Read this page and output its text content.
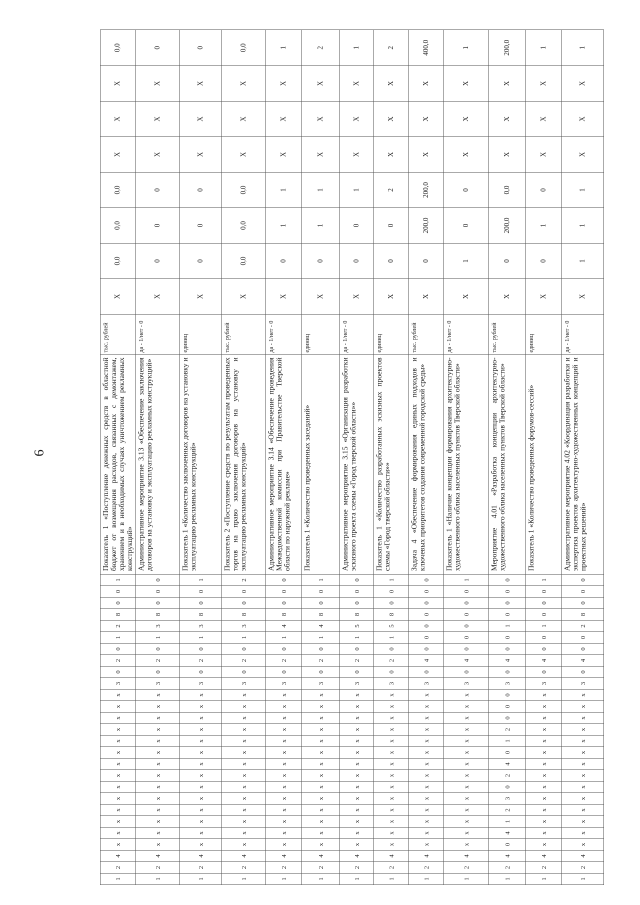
6
1	2	4	x	x	x	x	x	x	x	x	x	x	x	x	x	x	3	0	2	0	1	2	8	0	0	1	Показатель 1 «Поступление денежных средств в областной бюджет от возмещения расходов, связанных с демонтажем, хранением и в необходимых случаях уничтожением рекламных конструкций»	тыс. рублей	X	0,0	0,0	0,0	X	X	X	0,0
1	2	4	x	x	x	x	x	x	x	x	x	x	x	x	x	x	3	0	2	0	1	3	8	0	0	0	Административное мероприятие 3.13 «Обеспечение заключения договоров на установку и эксплуатацию рекламных конструкций»	да - 1/нет - 0	X	0	0	0	X	X	X	0
1	2	4	x	x	x	x	x	x	x	x	x	x	x	x	x	x	3	0	2	0	1	3	8	0	0	1	Показатель 1 «Количество заключенных договоров на установку и эксплуатацию рекламных конструкций»	единиц	X	0	0	0	X	X	X	0
1	2	4	x	x	x	x	x	x	x	x	x	x	x	x	x	x	3	0	2	0	1	3	8	0	0	2	Показатель 2 «Поступление средств по результатам проведенных торгов на право заключения договоров на установку и эксплуатацию рекламных конструкций»	тыс. рублей	X	0,0	0,0	0,0	X	X	X	0,0
1	2	4	x	x	x	x	x	x	x	x	x	x	x	x	x	x	3	0	2	0	1	4	8	0	0	0	Административное мероприятие 3.14 «Обеспечение проведения Межведомственной комиссии при Правительстве Тверской области по наружной рекламе»	да - 1/нет - 0	X	0	1	1	X	X	X	1
1	2	4	x	x	x	x	x	x	x	x	x	x	x	x	x	x	3	0	2	0	1	4	8	0	0	1	Показатель 1 «Количество проведенных заседаний»	единиц	X	0	1	1	X	X	X	2
1	2	4	x	x	x	x	x	x	x	x	x	x	x	x	x	x	3	0	2	0	1	5	8	0	0	0	Административное мероприятие 3.15 «Организация разработки эскизного проекта схемы «Город тверской области»»	да - 1/нет - 0	X	0	0	1	X	X	X	1
1	2	4	x	x	x	x	x	x	x	x	x	x	x	x	x	x	3	0	2	0	1	5	8	0	0	1	Показатель 1 «Количество разработанных эскизных проектов схемы «Город тверской области»»	единиц	X	0	0	2	X	X	X	2
1	2	4	x	x	x	x	x	x	x	x	x	x	x	x	x	x	3	0	4	0	0	0	0	0	0	0	Задача 4 «Обеспечение формирования единых подходов и ключевых приоритетов создания современной городской среды»	тыс. рублей	X	0	200,0	200,0	X	X	X	400,0
1	2	4	x	x	x	x	x	x	x	x	x	x	x	x	x	x	3	0	4	0	0	0	0	0	0	1	Показатель 1 «Наличие концепции формирования архитектурно-художественного облика населенных пунктов Тверской области»	да - 1/нет - 0	X	1	0	0	X	X	X	1
1	2	4	0	4	1	2	3	0	2	4	0	1	2	0	0	0	3	0	4	0	0	1	0	0	0	0	Мероприятие 4.01 «Разработка концепции архитектурно-художественного облика населенных пунктов Тверской области»	тыс. рублей	X	0	200,0	0,0	X	X	X	200,0
1	2	4	x	x	x	x	x	x	x	x	x	x	x	x	x	x	3	0	4	0	0	1	0	0	0	1	Показатель 1 «Количество проведенных форумов-сессий»	единиц	X	0	1	0	X	X	X	1
1	2	4	x	x	x	x	x	x	x	x	x	x	x	x	x	x	3	0	4	0	0	2	8	0	0	0	Административное мероприятие 4.02 «Координация разработки и экспертиза проектов архитектурно-художественных концепций и проектных решений»	да - 1/нет - 0	X	1	1	1	X	X	X	1
